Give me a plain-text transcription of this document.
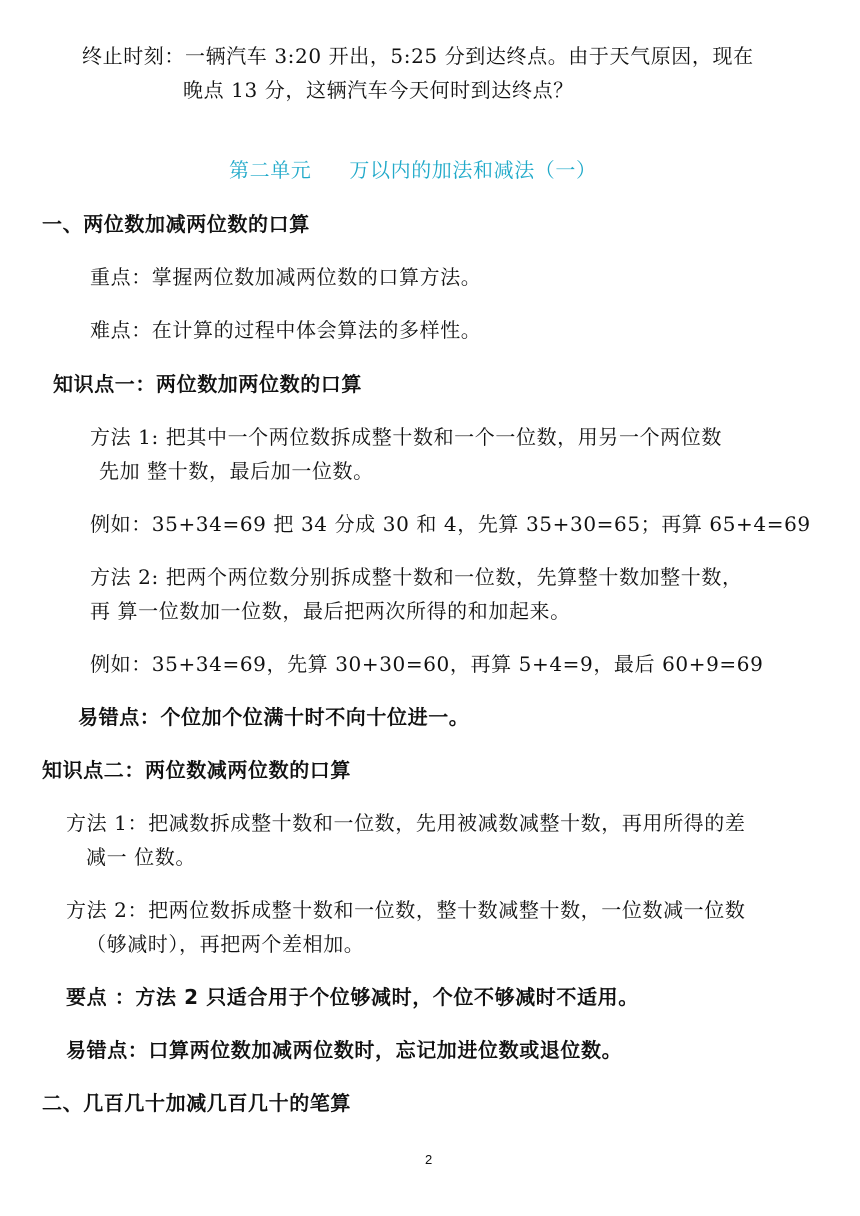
终止时刻：一辆汽车 3:20 开出，5:25 分到达终点。由于天气原因，现在
晚点 13 分，这辆汽车今天何时到达终点？
第二单元 万以内的加法和减法（一）
一、两位数加减两位数的口算
重点：掌握两位数加减两位数的口算方法。
难点：在计算的过程中体会算法的多样性。
知识点一：两位数加两位数的口算
方法 1: 把其中一个两位数拆成整十数和一个一位数，用另一个两位数
先加 整十数，最后加一位数。
例如：35+34=69 把 34 分成 30 和 4，先算 35+30=65；再算 65+4=69
方法 2: 把两个两位数分别拆成整十数和一位数，先算整十数加整十数，
再 算一位数加一位数，最后把两次所得的和加起来。
例如：35+34=69，先算 30+30=60，再算 5+4=9，最后 60+9=69
易错点：个位加个位满十时不向十位进一。
知识点二：两位数减两位数的口算
方法 1：把减数拆成整十数和一位数，先用被减数减整十数，再用所得的差
减一 位数。
方法 2：把两位数拆成整十数和一位数，整十数减整十数，一位数减一位数
（够减时），再把两个差相加。
要点 ：方法 2 只适合用于个位够减时，个位不够减时不适用。
易错点：口算两位数加减两位数时，忘记加进位数或退位数。
二、几百几十加减几百几十的笔算
2
